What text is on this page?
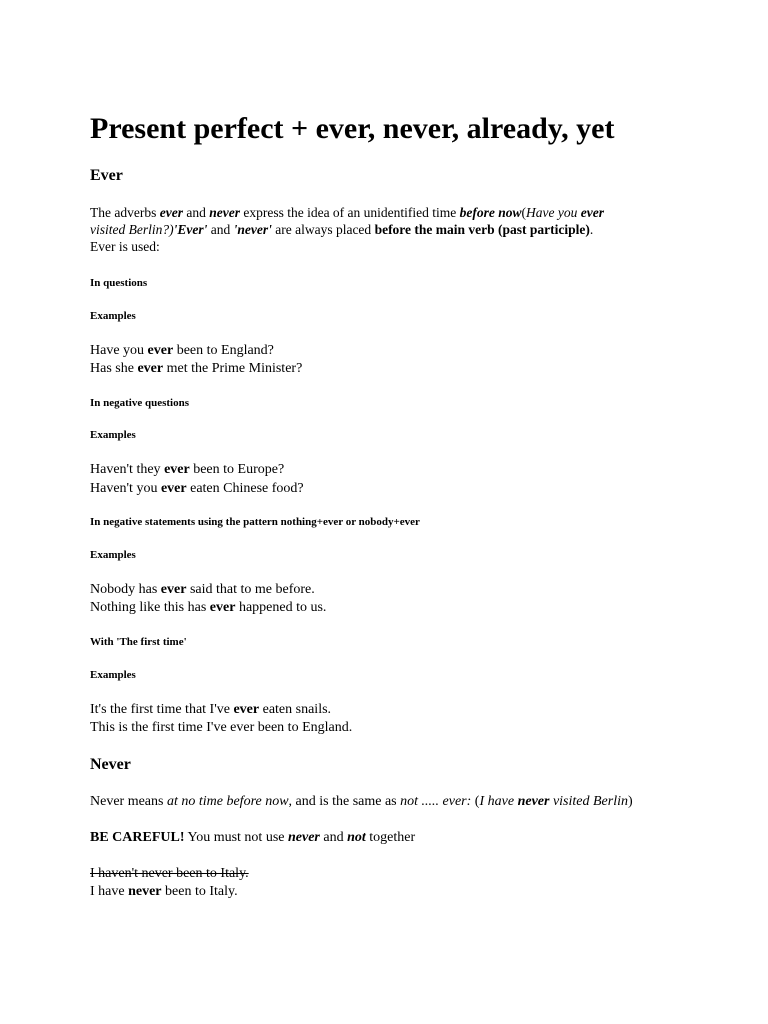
Present perfect + ever, never, already, yet
Ever
The adverbs ever and never express the idea of an unidentified time before now(Have you ever
visited Berlin?)'Ever' and 'never' are always placed before the main verb (past participle).
Ever is used:
In questions
Examples
Have you ever been to England?
Has she ever met the Prime Minister?
In negative questions
Examples
Haven't they ever been to Europe?
Haven't you ever eaten Chinese food?
In negative statements using the pattern nothing+ever or nobody+ever
Examples
Nobody has ever said that to me before.
Nothing like this has ever happened to us.
With 'The first time'
Examples
It's the first time that I've ever eaten snails.
This is the first time I've ever been to England.
Never
Never means at no time before now, and is the same as not ..... ever: (I have never visited Berlin)
BE CAREFUL! You must not use never and not together
I haven't never been to Italy.
I have never been to Italy.
